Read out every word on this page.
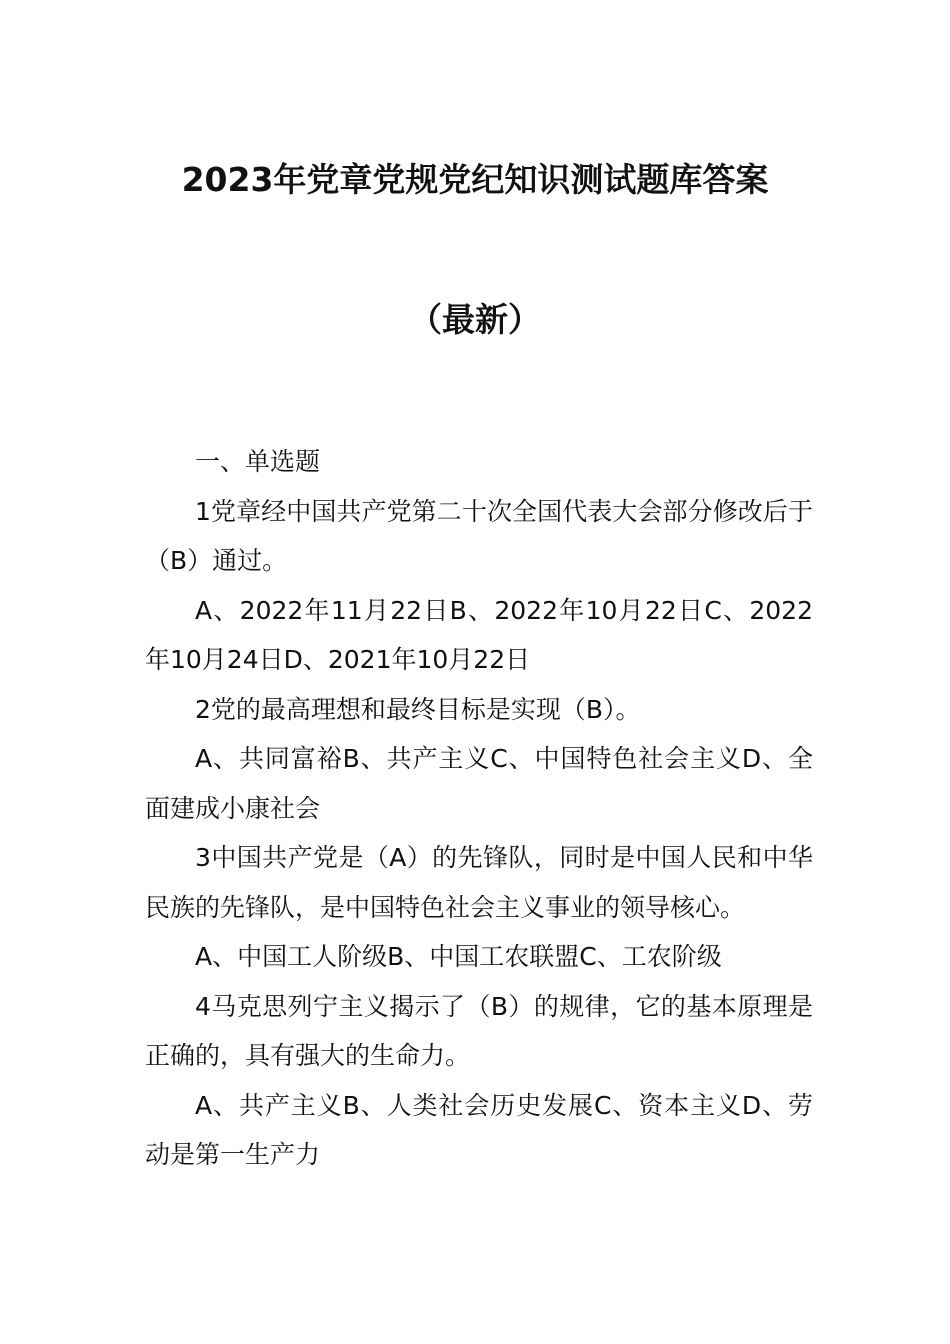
2023年党章党规党纪知识测试题库答案
（最新）

一、单选题

1党章经中国共产党第二十次全国代表大会部分修改后于（B）通过。

A、2022年11月22日B、2022年10月22日C、2022年10月24日D、2021年10月22日

2党的最高理想和最终目标是实现（B）。

A、共同富裕B、共产主义C、中国特色社会主义D、全面建成小康社会

3中国共产党是（A）的先锋队，同时是中国人民和中华民族的先锋队，是中国特色社会主义事业的领导核心。

A、中国工人阶级B、中国工农联盟C、工农阶级

4马克思列宁主义揭示了（B）的规律，它的基本原理是正确的，具有强大的生命力。

A、共产主义B、人类社会历史发展C、资本主义D、劳动是第一生产力
